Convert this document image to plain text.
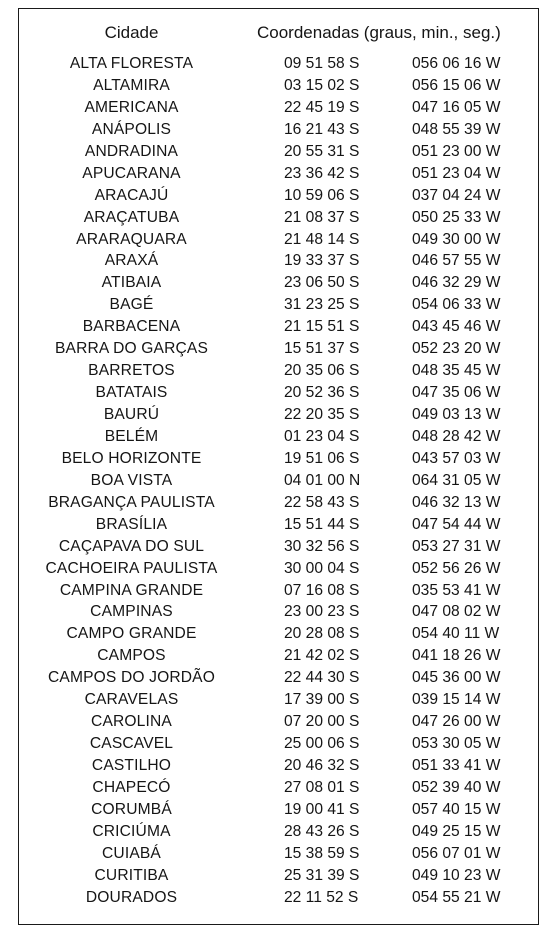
Cidade	Coordenadas (graus, min., seg.)
ALTA FLORESTA	09 51 58 S	056 06 16 W
ALTAMIRA	03 15 02 S	056 15 06 W
AMERICANA	22 45 19 S	047 16 05 W
ANÁPOLIS	16 21 43 S	048 55 39 W
ANDRADINA	20 55 31 S	051 23 00 W
APUCARANA	23 36 42 S	051 23 04 W
ARACAJÚ	10 59 06 S	037 04 24 W
ARAÇATUBA	21 08 37 S	050 25 33 W
ARARAQUARA	21 48 14 S	049 30 00 W
ARAXÁ	19 33 37 S	046 57 55 W
ATIBAIA	23 06 50 S	046 32 29 W
BAGÉ	31 23 25 S	054 06 33 W
BARBACENA	21 15 51 S	043 45 46 W
BARRA DO GARÇAS	15 51 37 S	052 23 20 W
BARRETOS	20 35 06 S	048 35 45 W
BATATAIS	20 52 36 S	047 35 06 W
BAURÚ	22 20 35 S	049 03 13 W
BELÉM	01 23 04 S	048 28 42 W
BELO HORIZONTE	19 51 06 S	043 57 03 W
BOA VISTA	04 01 00 N	064 31 05 W
BRAGANÇA PAULISTA	22 58 43 S	046 32 13 W
BRASÍLIA	15 51 44 S	047 54 44 W
CAÇAPAVA DO SUL	30 32 56 S	053 27 31 W
CACHOEIRA PAULISTA	30 00 04 S	052 56 26 W
CAMPINA GRANDE	07 16 08 S	035 53 41 W
CAMPINAS	23 00 23 S	047 08 02 W
CAMPO GRANDE	20 28 08 S	054 40 11 W
CAMPOS	21 42 02 S	041 18 26 W
CAMPOS DO JORDÃO	22 44 30 S	045 36 00 W
CARAVELAS	17 39 00 S	039 15 14 W
CAROLINA	07 20 00 S	047 26 00 W
CASCAVEL	25 00 06 S	053 30 05 W
CASTILHO	20 46 32 S	051 33 41 W
CHAPECÓ	27 08 01 S	052 39 40 W
CORUMBÁ	19 00 41 S	057 40 15 W
CRICIÚMA	28 43 26 S	049 25 15 W
CUIABÁ	15 38 59 S	056 07 01 W
CURITIBA	25 31 39 S	049 10 23 W
DOURADOS	22 11 52 S	054 55 21 W
